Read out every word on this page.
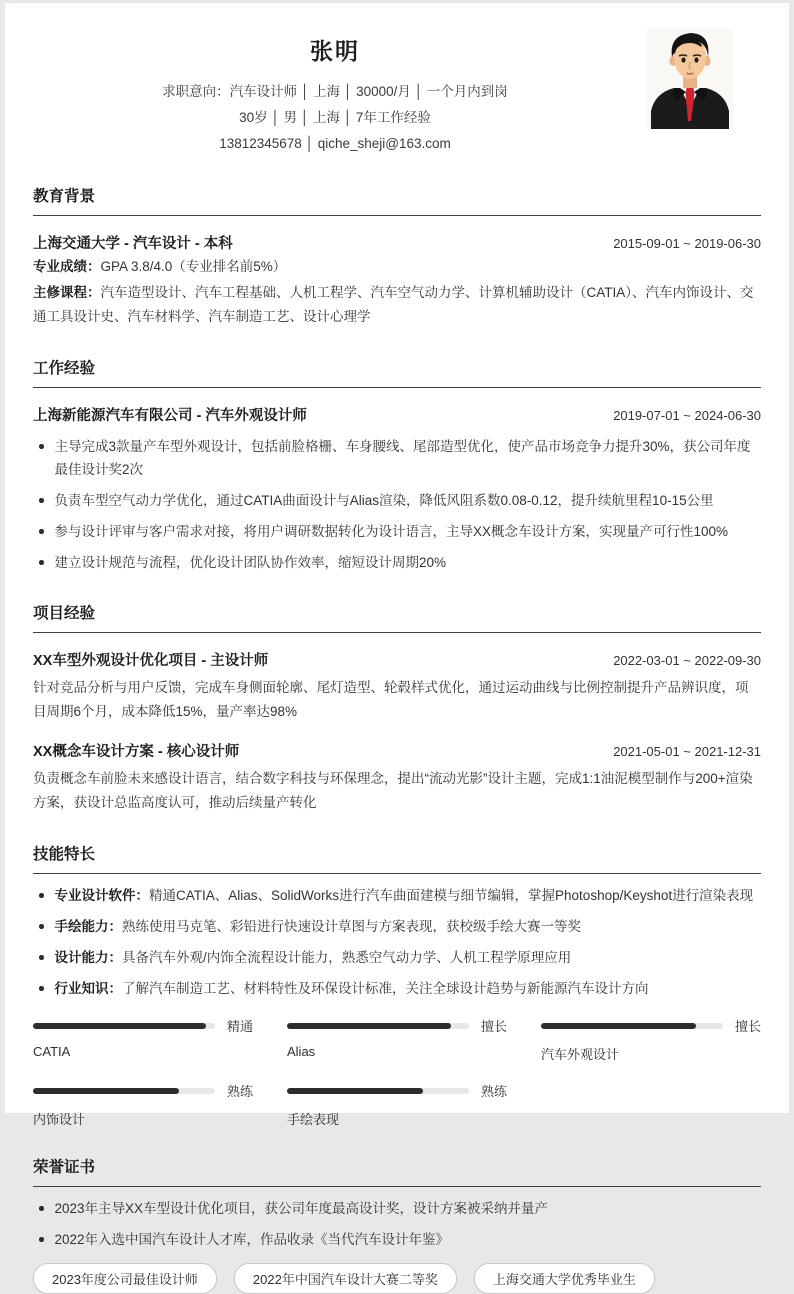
张明
求职意向：汽车设计师 │ 上海 │ 30000/月 │ 一个月内到岗
30岁 │ 男 │ 上海 │ 7年工作经验
13812345678 │ qiche_sheji@163.com
教育背景
上海交通大学 - 汽车设计 - 本科	2015-09-01 ~ 2019-06-30
专业成绩：GPA 3.8/4.0（专业排名前5%）
主修课程：汽车造型设计、汽车工程基础、人机工程学、汽车空气动力学、计算机辅助设计（CATIA）、汽车内饰设计、交通工具设计史、汽车材料学、汽车制造工艺、设计心理学
工作经验
上海新能源汽车有限公司 - 汽车外观设计师	2019-07-01 ~ 2024-06-30
主导完成3款量产车型外观设计，包括前脸格栅、车身腰线、尾部造型优化，使产品市场竞争力提升30%，获公司年度最佳设计奖2次
负责车型空气动力学优化，通过CATIA曲面设计与Alias渲染，降低风阻系数0.08-0.12，提升续航里程10-15公里
参与设计评审与客户需求对接，将用户调研数据转化为设计语言，主导XX概念车设计方案，实现量产可行性100%
建立设计规范与流程，优化设计团队协作效率，缩短设计周期20%
项目经验
XX车型外观设计优化项目 - 主设计师	2022-03-01 ~ 2022-09-30
针对竞品分析与用户反馈，完成车身侧面轮廓、尾灯造型、轮毂样式优化，通过运动曲线与比例控制提升产品辨识度，项目周期6个月，成本降低15%，量产率达98%
XX概念车设计方案 - 核心设计师	2021-05-01 ~ 2021-12-31
负责概念车前脸未来感设计语言，结合数字科技与环保理念，提出“流动光影”设计主题，完成1:1油泥模型制作与200+渲染方案，获设计总监高度认可，推动后续量产转化
技能特长
专业设计软件：精通CATIA、Alias、SolidWorks进行汽车曲面建模与细节编辑，掌握Photoshop/Keyshot进行渲染表现
手绘能力：熟练使用马克笔、彩铅进行快速设计草图与方案表现，获校级手绘大赛一等奖
设计能力：具备汽车外观/内饰全流程设计能力，熟悉空气动力学、人机工程学原理应用
行业知识：了解汽车制造工艺、材料特性及环保设计标准，关注全球设计趋势与新能源汽车设计方向
精通
CATIA
擅长
Alias
擅长
汽车外观设计
熟练
内饰设计
熟练
手绘表现
荣誉证书
2023年主导XX车型设计优化项目，获公司年度最高设计奖，设计方案被采纳并量产
2022年入选中国汽车设计人才库，作品收录《当代汽车设计年鉴》
2023年度公司最佳设计师	2022年中国汽车设计大赛二等奖	上海交通大学优秀毕业生
